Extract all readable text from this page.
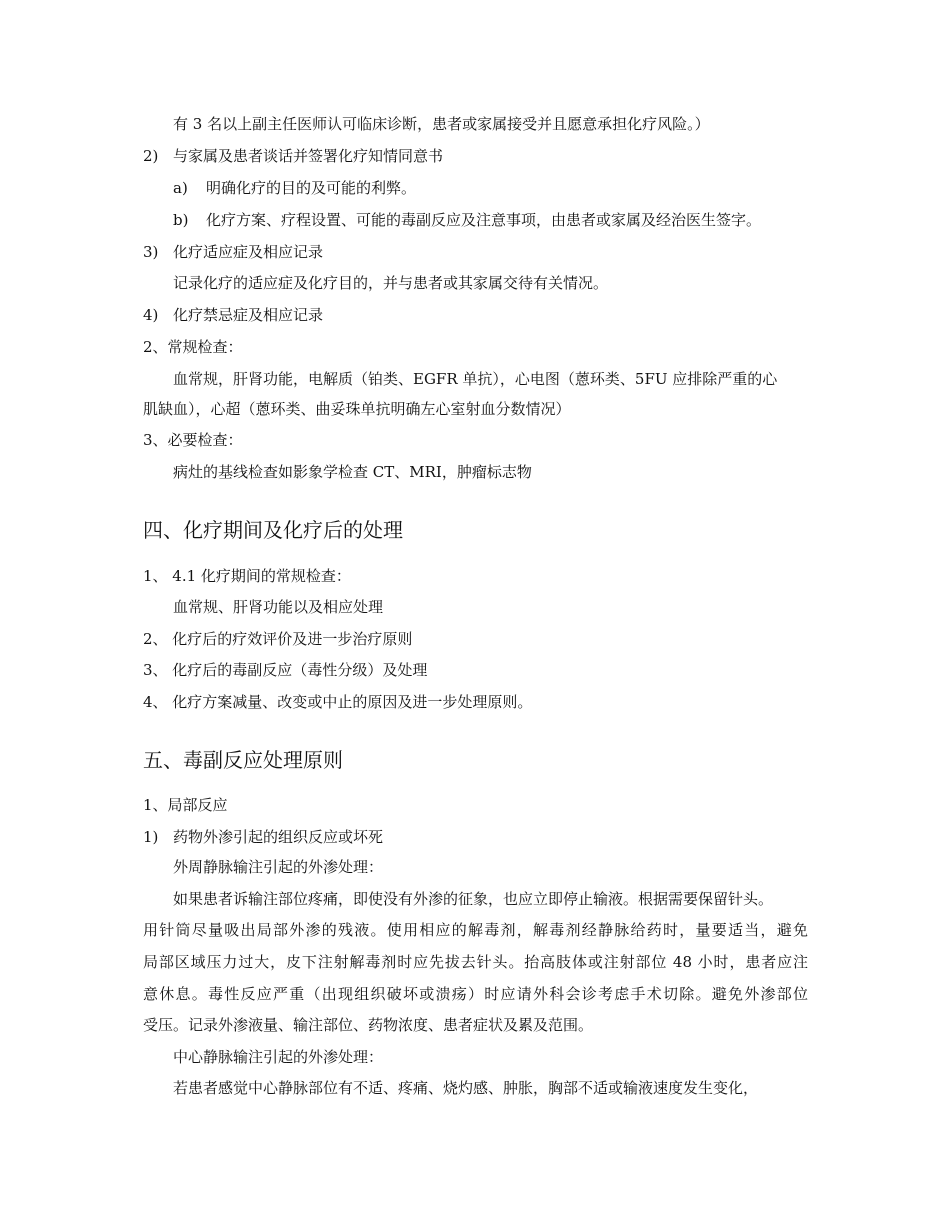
有 3 名以上副主任医师认可临床诊断，患者或家属接受并且愿意承担化疗风险。）
2) 与家属及患者谈话并签署化疗知情同意书
a) 明确化疗的目的及可能的利弊。
b) 化疗方案、疗程设置、可能的毒副反应及注意事项，由患者或家属及经治医生签字。
3) 化疗适应症及相应记录
记录化疗的适应症及化疗目的，并与患者或其家属交待有关情况。
4) 化疗禁忌症及相应记录
2、常规检查：
血常规，肝肾功能，电解质（铂类、EGFR 单抗），心电图（蒽环类、5FU 应排除严重的心
肌缺血），心超（蒽环类、曲妥珠单抗明确左心室射血分数情况）
3、必要检查：
病灶的基线检查如影象学检查 CT、MRI，肿瘤标志物
四、化疗期间及化疗后的处理
1、 4.1 化疗期间的常规检查：
血常规、肝肾功能以及相应处理
2、 化疗后的疗效评价及进一步治疗原则
3、 化疗后的毒副反应（毒性分级）及处理
4、 化疗方案减量、改变或中止的原因及进一步处理原则。
五、毒副反应处理原则
1、局部反应
1) 药物外渗引起的组织反应或坏死
外周静脉输注引起的外渗处理：
如果患者诉输注部位疼痛，即使没有外渗的征象，也应立即停止输液。根据需要保留针头。
用针筒尽量吸出局部外渗的残液。使用相应的解毒剂，解毒剂经静脉给药时，量要适当，避免
局部区域压力过大，皮下注射解毒剂时应先拔去针头。抬高肢体或注射部位 48 小时，患者应注
意休息。毒性反应严重（出现组织破坏或溃疡）时应请外科会诊考虑手术切除。避免外渗部位
受压。记录外渗液量、输注部位、药物浓度、患者症状及累及范围。
中心静脉输注引起的外渗处理：
若患者感觉中心静脉部位有不适、疼痛、烧灼感、肿胀，胸部不适或输液速度发生变化，
